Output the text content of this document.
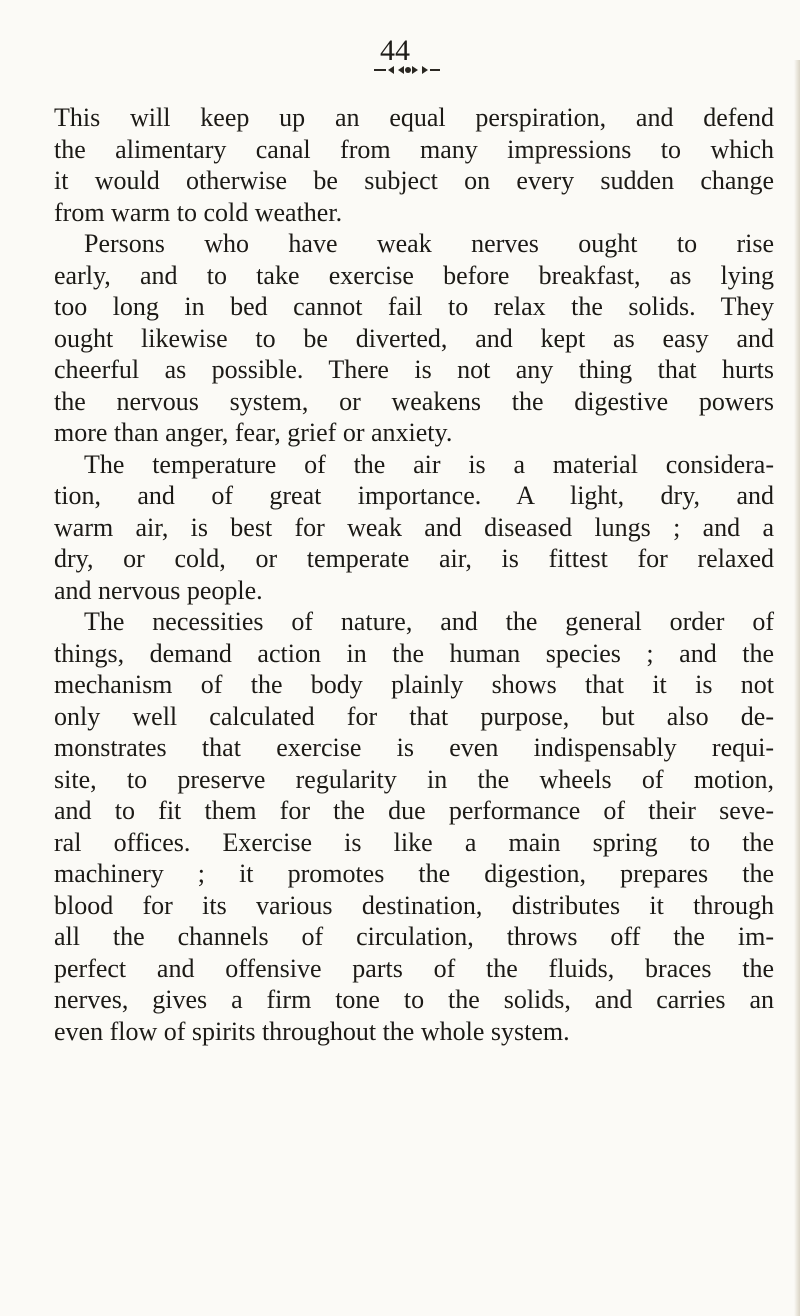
44
This will keep up an equal perspiration, and defend
the alimentary canal from many impressions to which
it would otherwise be subject on every sudden change
from warm to cold weather.
Persons who have weak nerves ought to rise
early, and to take exercise before breakfast, as lying
too long in bed cannot fail to relax the solids. They
ought likewise to be diverted, and kept as easy and
cheerful as possible. There is not any thing that hurts
the nervous system, or weakens the digestive powers
more than anger, fear, grief or anxiety.
The temperature of the air is a material considera-
tion, and of great importance. A light, dry, and
warm air, is best for weak and diseased lungs ; and a
dry, or cold, or temperate air, is fittest for relaxed
and nervous people.
The necessities of nature, and the general order of
things, demand action in the human species ; and the
mechanism of the body plainly shows that it is not
only well calculated for that purpose, but also de-
monstrates that exercise is even indispensably requi-
site, to preserve regularity in the wheels of motion,
and to fit them for the due performance of their seve-
ral offices. Exercise is like a main spring to the
machinery ; it promotes the digestion, prepares the
blood for its various destination, distributes it through
all the channels of circulation, throws off the im-
perfect and offensive parts of the fluids, braces the
nerves, gives a firm tone to the solids, and carries an
even flow of spirits throughout the whole system.
